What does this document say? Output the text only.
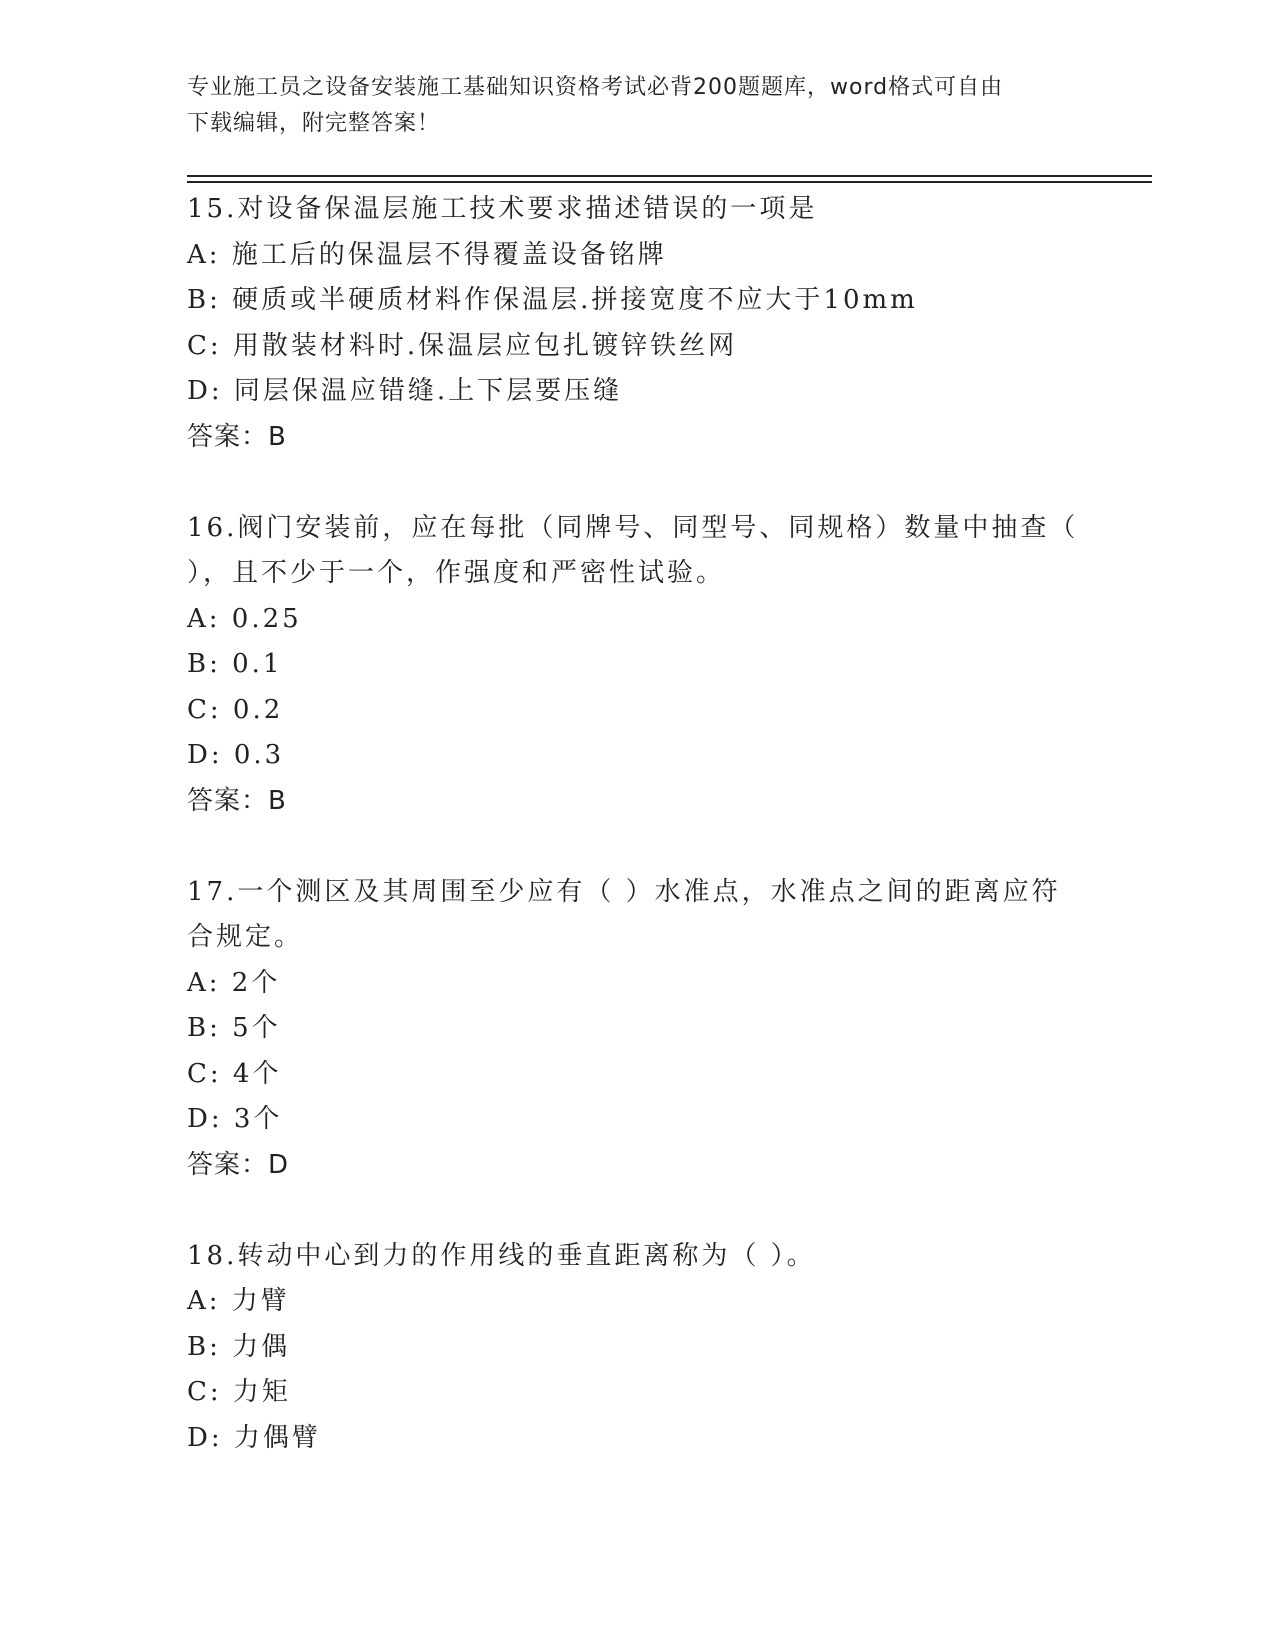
专业施工员之设备安装施工基础知识资格考试必背200题题库，word格式可自由
下载编辑，附完整答案！
15.对设备保温层施工技术要求描述错误的一项是
A: 施工后的保温层不得覆盖设备铭牌
B: 硬质或半硬质材料作保温层.拼接宽度不应大于10mm
C: 用散装材料时.保温层应包扎镀锌铁丝网
D: 同层保温应错缝.上下层要压缝
答案：B
16.阀门安装前，应在每批（同牌号、同型号、同规格）数量中抽查（
），且不少于一个，作强度和严密性试验。
A: 0.25
B: 0.1
C: 0.2
D: 0.3
答案：B
17.一个测区及其周围至少应有（ ）水准点，水准点之间的距离应符
合规定。
A: 2个
B: 5个
C: 4个
D: 3个
答案：D
18.转动中心到力的作用线的垂直距离称为（ ）。
A: 力臂
B: 力偶
C: 力矩
D: 力偶臂
